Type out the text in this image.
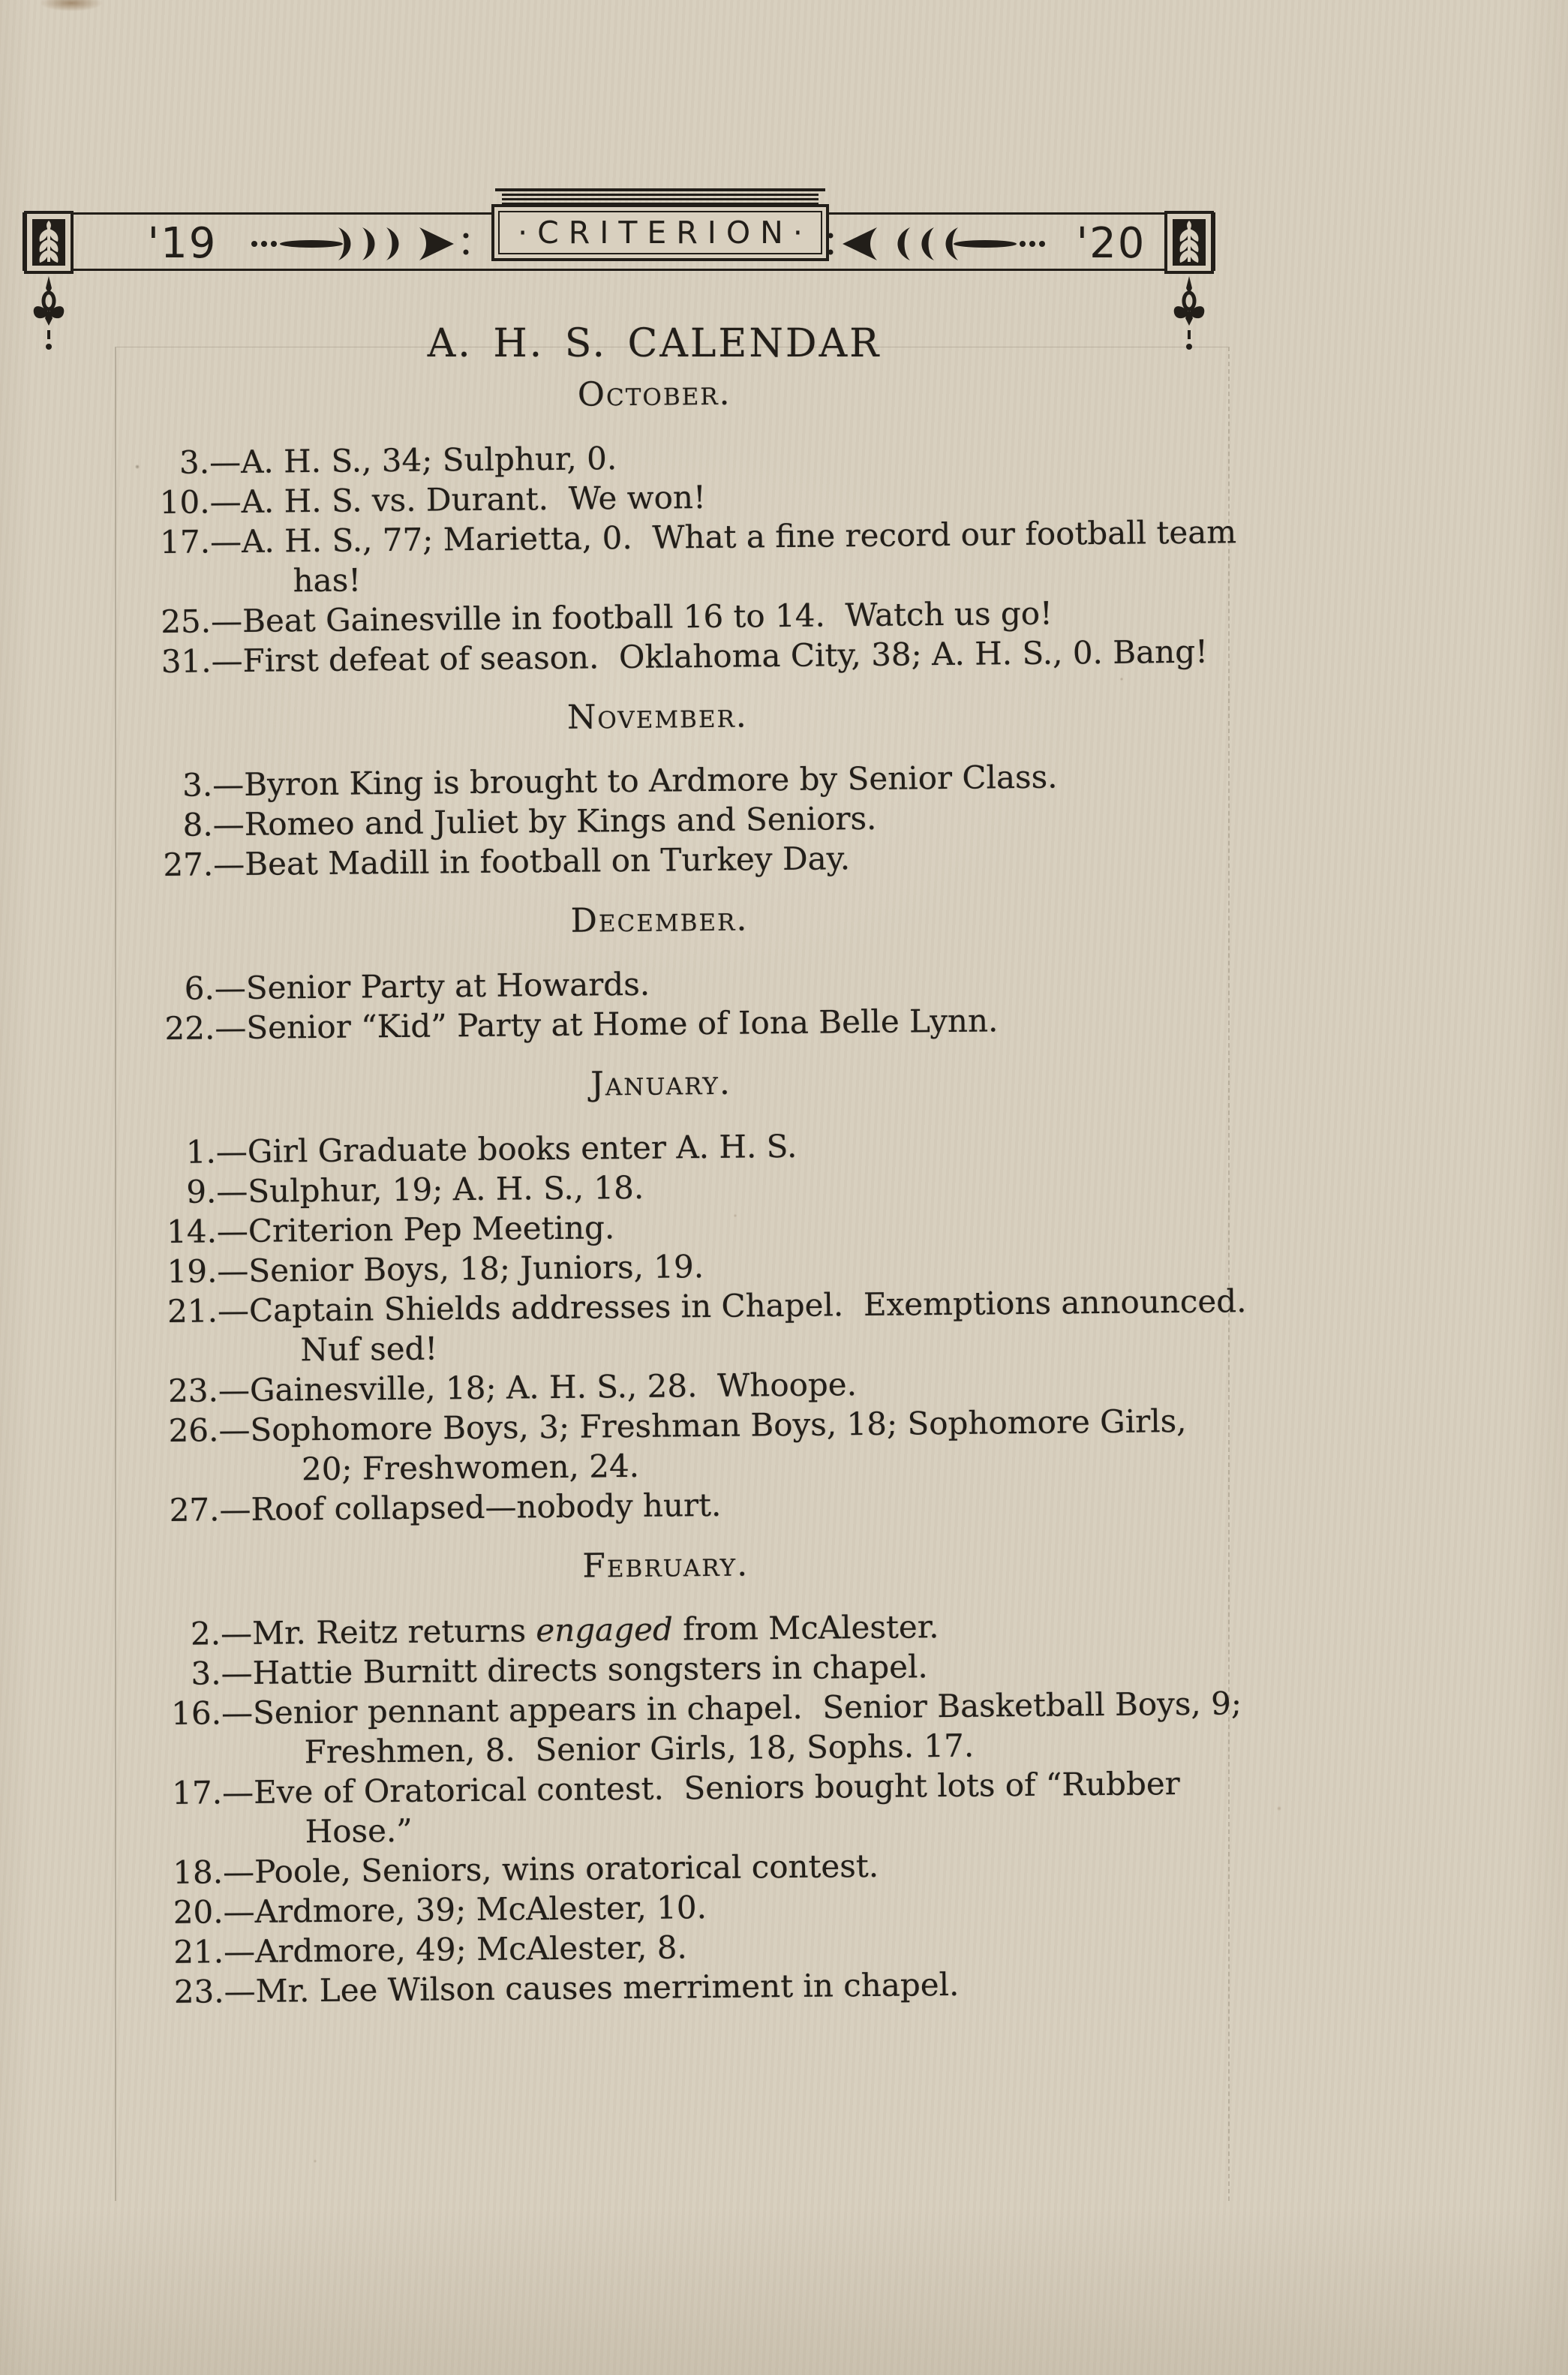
'19	'20
·CRITERION·
A. H. S. CALENDAR
October.
3. —A. H. S., 34; Sulphur, 0.
10. —A. H. S. vs. Durant.  We won!
17. —A. H. S., 77; Marietta, 0.  What a fine record our football team
has!
25. —Beat Gainesville in football 16 to 14.  Watch us go!
31. —First defeat of season.  Oklahoma City, 38; A. H. S., 0. Bang!
November.
3. —Byron King is brought to Ardmore by Senior Class.
8. —Romeo and Juliet by Kings and Seniors.
27. —Beat Madill in football on Turkey Day.
December.
6. —Senior Party at Howards.
22. —Senior “Kid” Party at Home of Iona Belle Lynn.
January.
1. —Girl Graduate books enter A. H. S.
9. —Sulphur, 19; A. H. S., 18.
14. —Criterion Pep Meeting.
19. —Senior Boys, 18; Juniors, 19.
21. —Captain Shields addresses in Chapel.  Exemptions announced.
Nuf sed!
23. —Gainesville, 18; A. H. S., 28.  Whoope.
26. —Sophomore Boys, 3; Freshman Boys, 18; Sophomore Girls,
20; Freshwomen, 24.
27. —Roof collapsed—nobody hurt.
February.
2. —Mr. Reitz returns engaged from McAlester.
3. —Hattie Burnitt directs songsters in chapel.
16. —Senior pennant appears in chapel.  Senior Basketball Boys, 9;
Freshmen, 8.  Senior Girls, 18, Sophs. 17.
17. —Eve of Oratorical contest.  Seniors bought lots of “Rubber
Hose.”
18. —Poole, Seniors, wins oratorical contest.
20. —Ardmore, 39; McAlester, 10.
21. —Ardmore, 49; McAlester, 8.
23. —Mr. Lee Wilson causes merriment in chapel.
